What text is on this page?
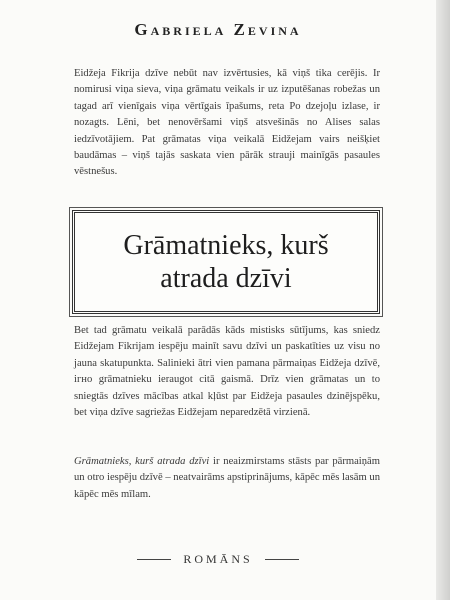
Gabriela Zevina
Eidžeja Fikrija dzīve nebūt nav izvērtusies, kā viņš tika cerējis. Ir nomirusi viņa sieva, viņa grāmatu veikals ir uz izputēšanas robežas un tagad arī vienīgais viņa vērtīgais īpašums, reta Po dzejoļu izlase, ir nozagts. Lēni, bet nenovēršami viņš atsvešinās no Alises salas iedzīvotājiem. Pat grāmatas viņa veikalā Eidžejam vairs neišķiet baudāmas – viņš tajās saskata vien pārāk strauji mainīgās pasaules vēstnešus.
Grāmatnieks, kurš
atrada dzīvi
Bet tad grāmatu veikalā parādās kāds mistisks sūtījums, kas sniedz Eidžejam Fikrijam iespēju mainīt savu dzīvi un paskatīties uz visu no jauna skatupunkta. Salinieki ātri vien pamana pārmaiņas Eidžeja dzīvē, ігно grāmatnieku ieraugot citā gaismā. Drīz vien grāmatas un to sniegtās dzīves mācības atkal kļūst par Eidžeja pasaules dzinējspēku, bet viņa dzīve sagriežas Eidžejam neparedzētā virzienā.
Grāmatnieks, kurš atrada dzīvi ir neaizmirstams stāsts par pārmaiņām un otro iespēju dzīvē – neatvairāms apstiprinājums, kāpēc mēs lasām un kāpēc mēs mīlam.
ROMĀNS
